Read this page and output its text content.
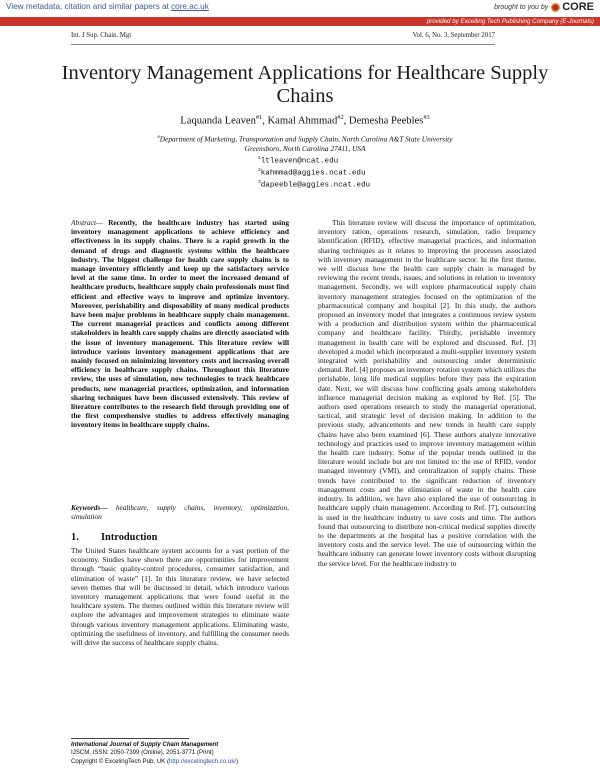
View metadata, citation and similar papers at core.ac.uk	brought to you by CORE
provided by Excelling Tech Publishing Company (E-Journals)
Int. J Sup. Chain. Mgt	Vol. 6, No. 3, September 2017
Inventory Management Applications for Healthcare Supply Chains
Laquanda Leaven$^{\#1}$, Kamal Ahmmad$^{\#2}$, Demesha Peebles$^{\#3}$
#Department of Marketing, Transportation and Supply Chain, North Carolina A&T State University
Greensboro, North Carolina 27411, USA
$^1$ltleaven@ncat.edu
$^2$kahmmad@aggies.ncat.edu
$^3$dapeeble@aggies.ncat.edu
Abstract— Recently, the healthcare industry has started using inventory management applications to achieve efficiency and effectiveness in its supply chains. There is a rapid growth in the demand of drugs and diagnostic systems within the healthcare industry. The biggest challenge for health care supply chains is to manage inventory efficiently and keep up the satisfactory service level at the same time. In order to meet the increased demand of healthcare products, healthcare supply chain professionals must find efficient and effective ways to improve and optimize inventory. Moreover, perishability and disposability of many medical products have been major problems in healthcare supply chain management. The current managerial practices and conflicts among different stakeholders in health care supply chains are directly associated with the issue of inventory management. This literature review will introduce various inventory management applications that are mainly focused on minimizing inventory costs and increasing overall efficiency in healthcare supply chains. Throughout this literature review, the uses of simulation, new technologies to track healthcare products, new managerial practices, optimization, and information sharing techniques have been discussed extensively. This review of literature contributes to the research field through providing one of the first comprehensive studies to address effectively managing inventory items in healthcare supply chains.
Keywords— healthcare, supply chains, inventory, optimization, simulation
1. Introduction
The United States healthcare system accounts for a vast portion of the economy. Studies have shown there are opportunities for improvement through “basic quality-control procedures, consumer satisfaction, and elimination of waste” [1]. In this literature review, we have selected seven themes that will be discussed in detail, which introduce various inventory management applications that were found useful in the healthcare system. The themes outlined within this literature review will explore the advantages and improvement strategies to eliminate waste through various inventory management applications. Eliminating waste, optimizing the usefulness of inventory, and fulfilling the consumer needs will drive the success of healthcare supply chains.
This literature review will discuss the importance of optimization, inventory ration, operations research, simulation, radio frequency identification (RFID), effective managerial practices, and information sharing techniques as it relates to improving the processes associated with inventory management in the healthcare sector. In the first theme, we will discuss how the health care supply chain is managed by reviewing the recent trends, issues, and solutions in relation to inventory management. Secondly, we will explore pharmaceutical supply chain inventory management strategies focused on the optimization of the pharmaceutical company and hospital [2]. In this study, the authors proposed an inventory model that integrates a continuous review system with a production and distribution system within the pharmaceutical company and healthcare facility. Thirdly, perishable inventory management in health care will be explored and discussed. Ref. [3] developed a model which incorporated a multi-supplier inventory system integrated with perishability and outsourcing under deterministic demand. Ref. [4] proposes an inventory rotation system which utilizes the perishable, long life medical supplies before they pass the expiration date. Next, we will discuss how conflicting goals among stakeholders influence managerial decision making as explored by Ref. [5]. The authors used operations research to study the managerial operational, tactical, and strategic level of decision making. In addition to the previous study, advancements and new trends in health care supply chains have also been examined [6]. These authors analyze innovative technology and practices used to improve inventory management within the health care industry. Some of the popular trends outlined in the literature would include but are not limited to: the use of RFID, vendor managed inventory (VMI), and centralization of supply chains. These trends have contributed to the significant reduction of inventory management costs and the elimination of waste in the health care industry. In addition, we have also explored the use of outsourcing in healthcare supply chain management. According to Ref. [7], outsourcing is used in the healthcare industry to save costs and time. The authors found that outsourcing to distribute non-critical medical supplies directly to the departments at the hospital has a positive correlation with the inventory costs and the service level. The use of outsourcing within the healthcare industry can generate lower inventory costs without disrupting the service level. For the healthcare industry to
International Journal of Supply Chain Management
IJSCM, ISSN: 2050-7399 (Online), 2051-3771 (Print)
Copyright © ExcelingTech Pub, UK (http://excelingtech.co.uk/)
